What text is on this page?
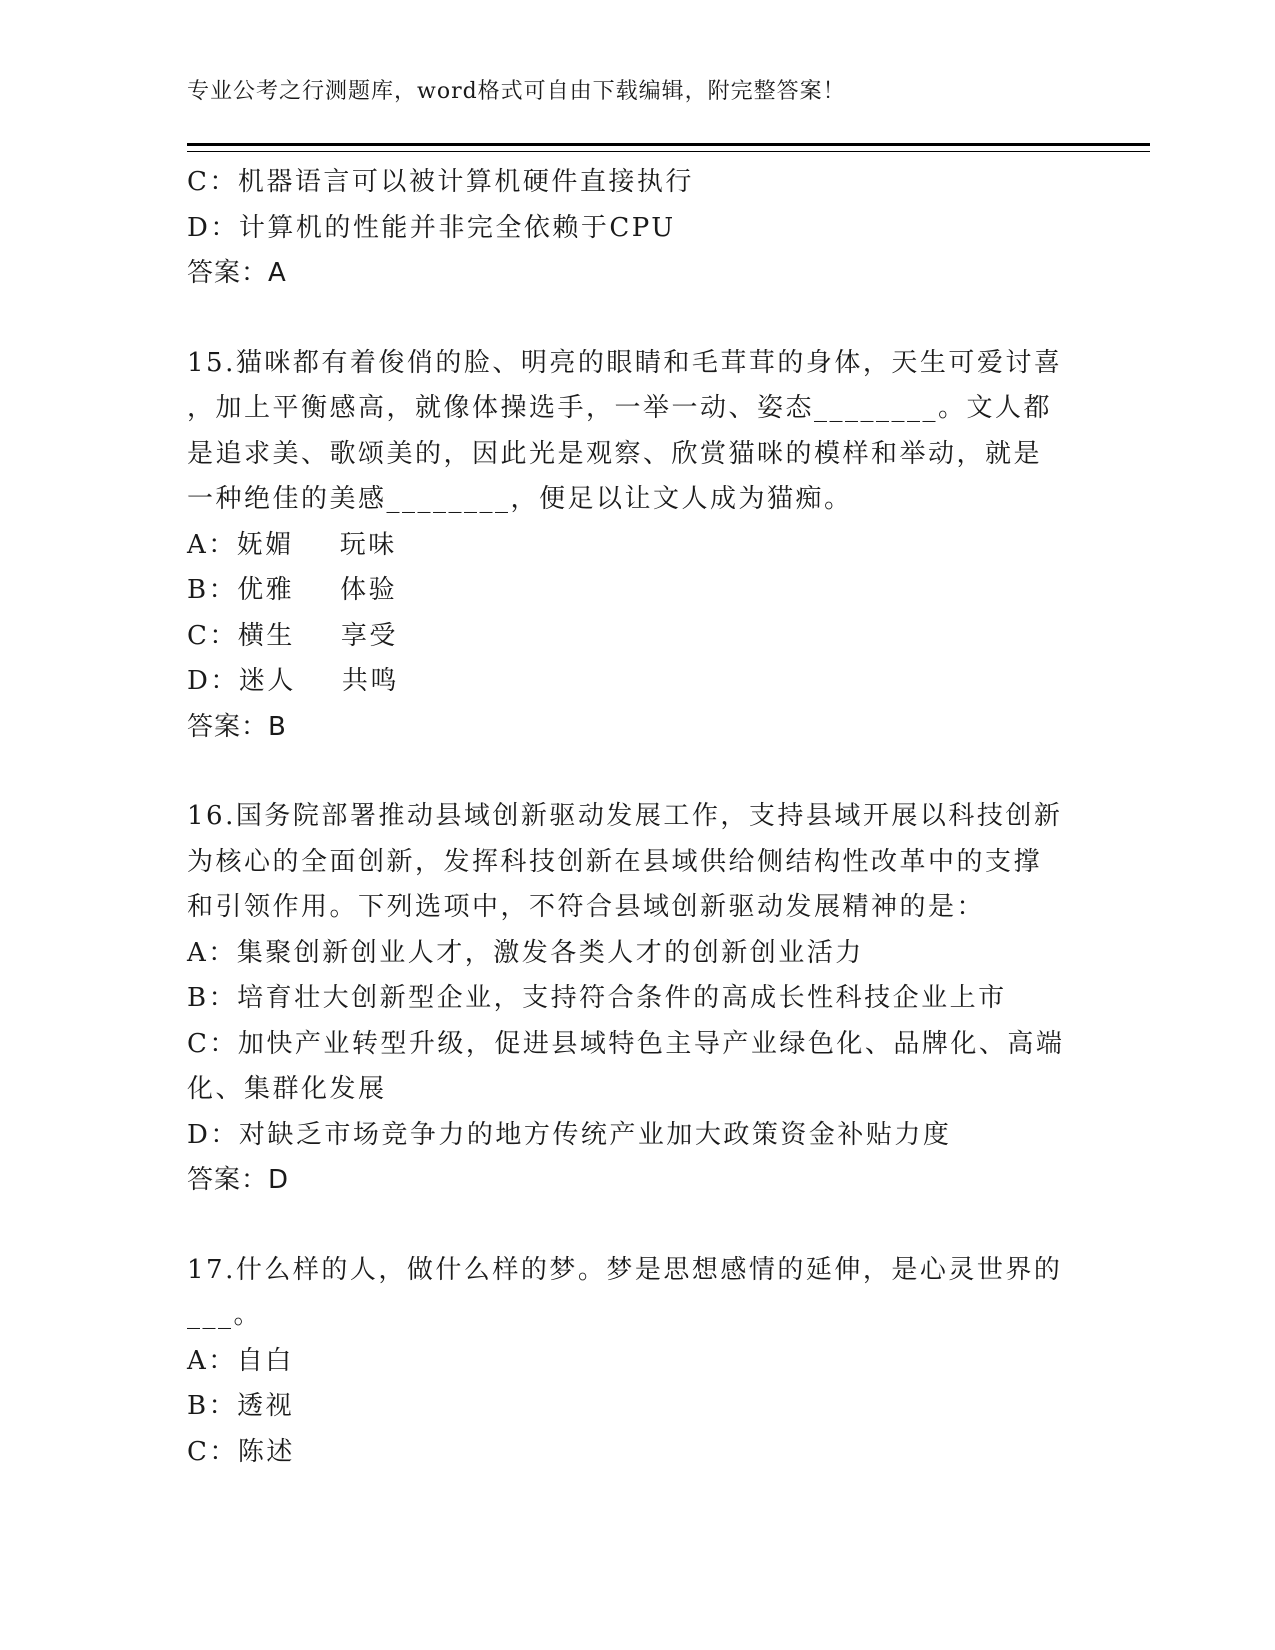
专业公考之行测题库，word格式可自由下载编辑，附完整答案！
C：机器语言可以被计算机硬件直接执行
D：计算机的性能并非完全依赖于CPU
答案：A
15.猫咪都有着俊俏的脸、明亮的眼睛和毛茸茸的身体，天生可爱讨喜
，加上平衡感高，就像体操选手，一举一动、姿态________。文人都
是追求美、歌颂美的，因此光是观察、欣赏猫咪的模样和举动，就是
一种绝佳的美感________，便足以让文人成为猫痴。
A：妩媚 玩味
B：优雅 体验
C：横生 享受
D：迷人 共鸣
答案：B
16.国务院部署推动县域创新驱动发展工作，支持县域开展以科技创新
为核心的全面创新，发挥科技创新在县域供给侧结构性改革中的支撑
和引领作用。下列选项中，不符合县域创新驱动发展精神的是：
A：集聚创新创业人才，激发各类人才的创新创业活力
B：培育壮大创新型企业，支持符合条件的高成长性科技企业上市
C：加快产业转型升级，促进县域特色主导产业绿色化、品牌化、高端
化、集群化发展
D：对缺乏市场竞争力的地方传统产业加大政策资金补贴力度
答案：D
17.什么样的人，做什么样的梦。梦是思想感情的延伸，是心灵世界的
___。
A：自白
B：透视
C：陈述
